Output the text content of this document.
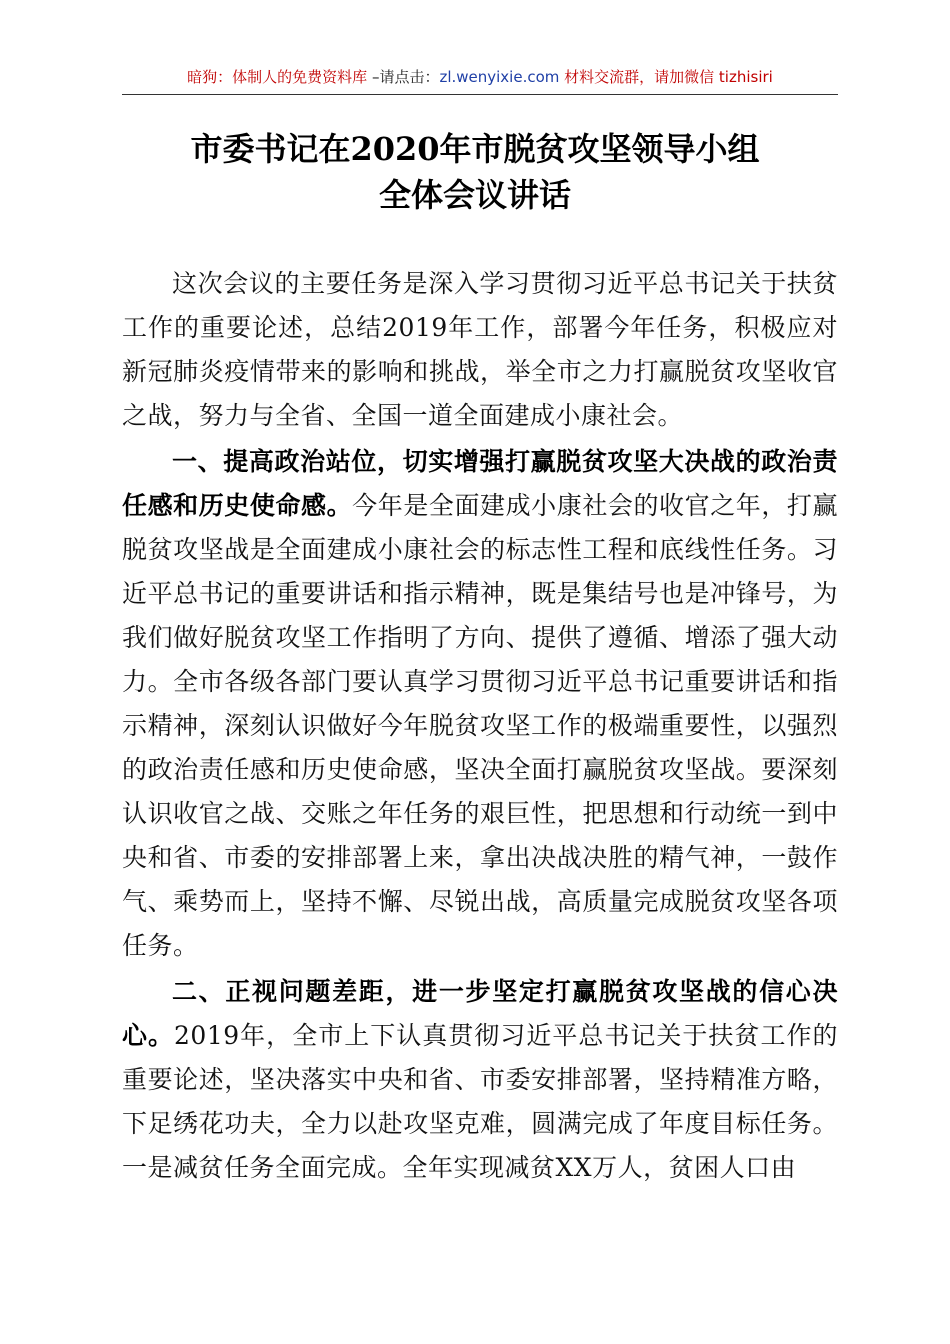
暗狗：体制人的免费资料库 –请点击：zl.wenyixie.com 材料交流群，请加微信 tizhisiri
市委书记在2020年市脱贫攻坚领导小组
全体会议讲话

这次会议的主要任务是深入学习贯彻习近平总书记关于扶贫工作的重要论述，总结2019年工作，部署今年任务，积极应对新冠肺炎疫情带来的影响和挑战，举全市之力打赢脱贫攻坚收官之战，努力与全省、全国一道全面建成小康社会。

一、提高政治站位，切实增强打赢脱贫攻坚大决战的政治责任感和历史使命感。今年是全面建成小康社会的收官之年，打赢脱贫攻坚战是全面建成小康社会的标志性工程和底线性任务。习近平总书记的重要讲话和指示精神，既是集结号也是冲锋号，为我们做好脱贫攻坚工作指明了方向、提供了遵循、增添了强大动力。全市各级各部门要认真学习贯彻习近平总书记重要讲话和指示精神，深刻认识做好今年脱贫攻坚工作的极端重要性，以强烈的政治责任感和历史使命感，坚决全面打赢脱贫攻坚战。要深刻认识收官之战、交账之年任务的艰巨性，把思想和行动统一到中央和省、市委的安排部署上来，拿出决战决胜的精气神，一鼓作气、乘势而上，坚持不懈、尽锐出战，高质量完成脱贫攻坚各项任务。

二、正视问题差距，进一步坚定打赢脱贫攻坚战的信心决心。2019年，全市上下认真贯彻习近平总书记关于扶贫工作的重要论述，坚决落实中央和省、市委安排部署，坚持精准方略，下足绣花功夫，全力以赴攻坚克难，圆满完成了年度目标任务。一是减贫任务全面完成。全年实现减贫XX万人，贫困人口由
